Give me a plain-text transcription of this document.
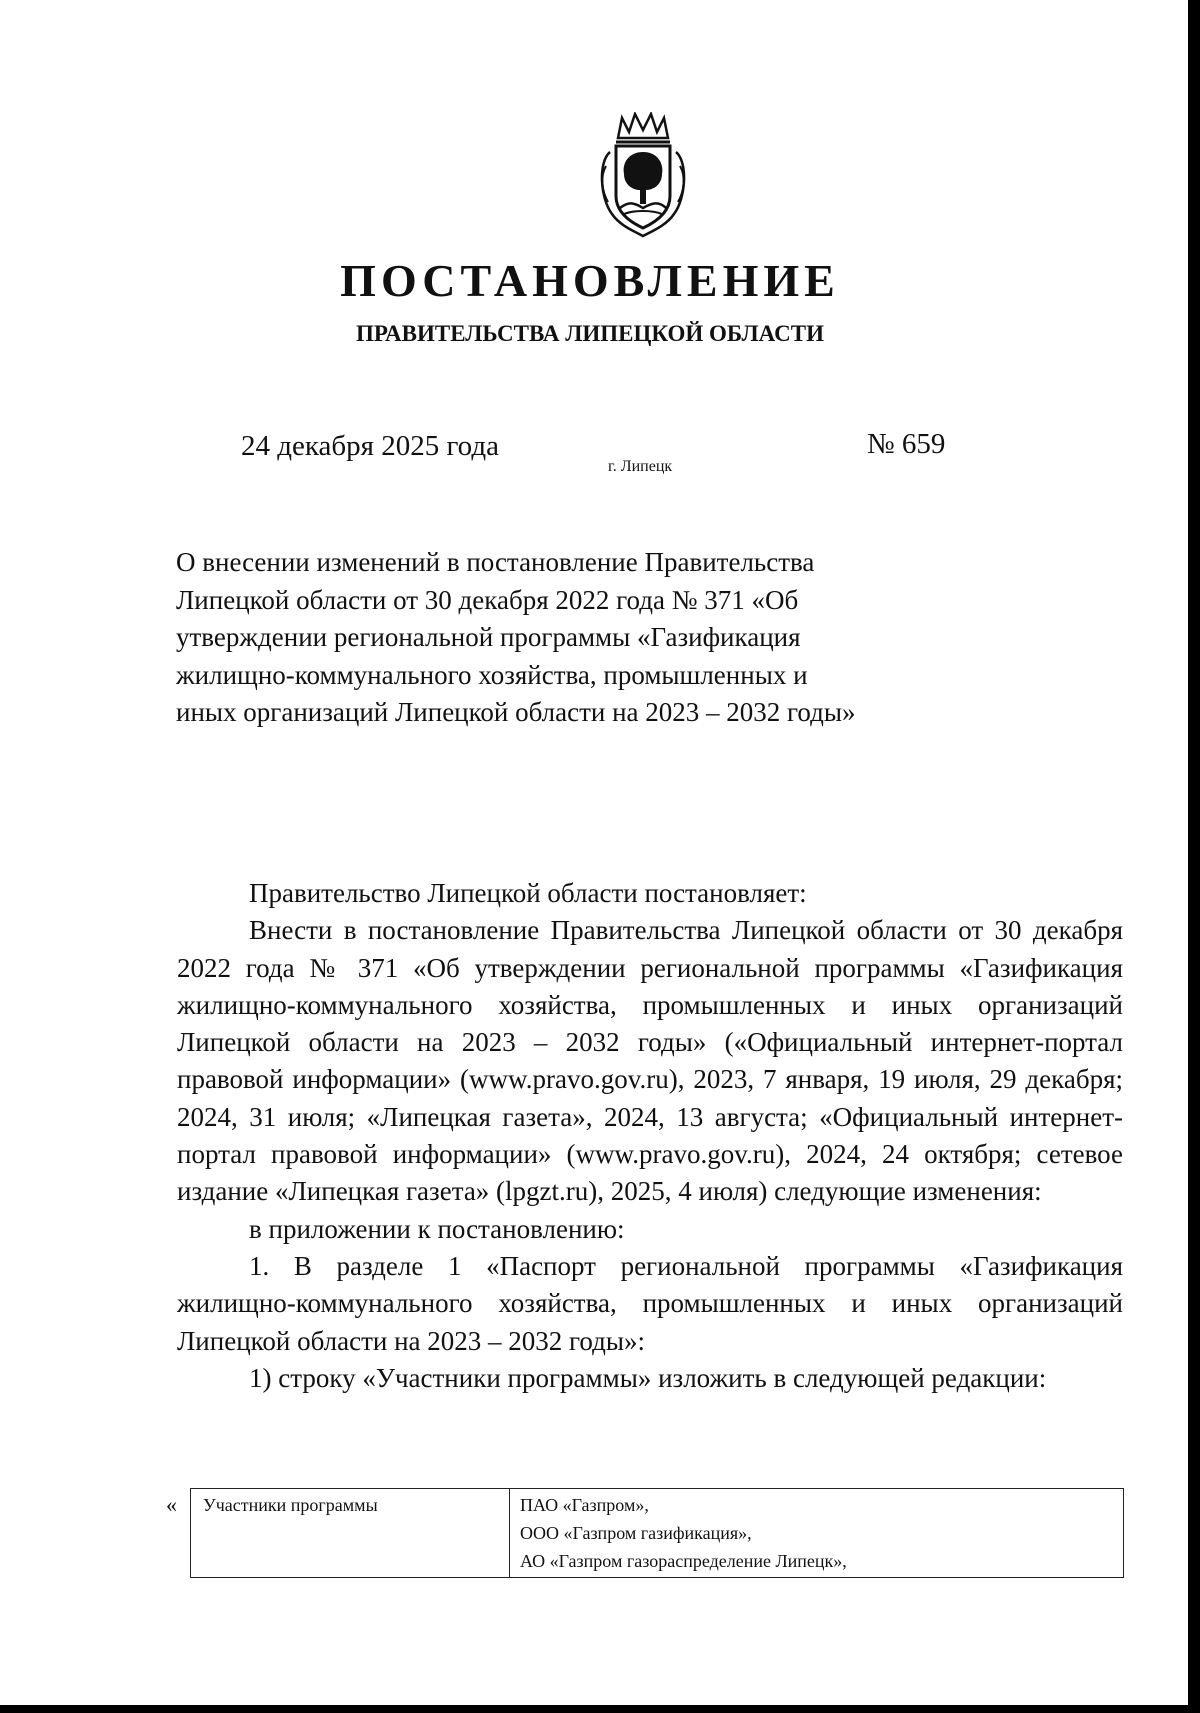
ПОСТАНОВЛЕНИЕ
ПРАВИТЕЛЬСТВА ЛИПЕЦКОЙ ОБЛАСТИ
24 декабря 2025 года
г. Липецк
№ 659

О внесении изменений в постановление Правительства Липецкой области от 30 декабря 2022 года № 371 «Об утверждении региональной программы «Газификация жилищно-коммунального хозяйства, промышленных и иных организаций Липецкой области на 2023 – 2032 годы»

Правительство Липецкой области постановляет:

Внести в постановление Правительства Липецкой области от 30 декабря 2022 года № 371 «Об утверждении региональной программы «Газификация жилищно-коммунального хозяйства, промышленных и иных организаций Липецкой области на 2023 – 2032 годы» («Официальный интернет-портал правовой информации» (www.pravo.gov.ru), 2023, 7 января, 19 июля, 29 декабря; 2024, 31 июля; «Липецкая газета», 2024, 13 августа; «Официальный интернет-портал правовой информации» (www.pravo.gov.ru), 2024, 24 октября; сетевое издание «Липецкая газета» (lpgzt.ru), 2025, 4 июля) следующие изменения:

в приложении к постановлению:

1. В разделе 1 «Паспорт региональной программы «Газификация жилищно-коммунального хозяйства, промышленных и иных организаций Липецкой области на 2023 – 2032 годы»:

1) строку «Участники программы» изложить в следующей редакции:

« Участники программы	ПАО «Газпром»,
ООО «Газпром газификация»,
АО «Газпром газораспределение Липецк»,
